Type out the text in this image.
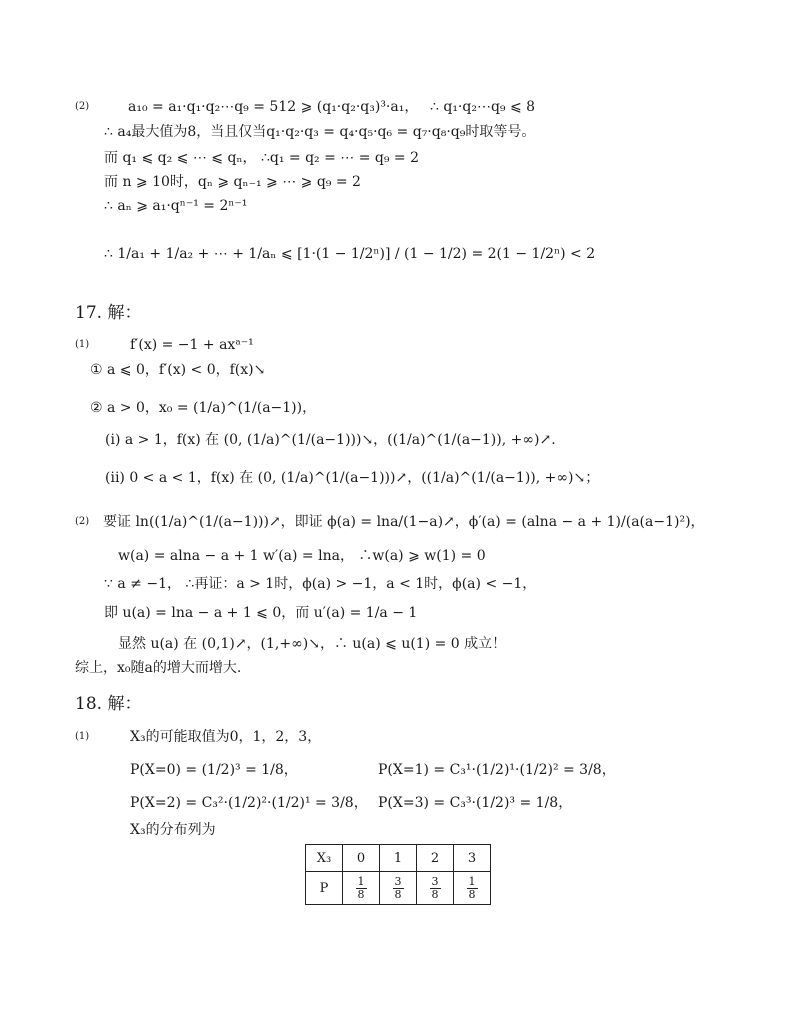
(2)	a₁₀ = a₁·q₁·q₂⋯q₉ = 512 ⩾ (q₁·q₂·q₃)³·a₁， ∴ q₁·q₂⋯q₉ ⩽ 8
∴ a₄最大值为8，当且仅当q₁·q₂·q₃ = q₄·q₅·q₆ = q₇·q₈·q₉时取等号。
而 q₁ ⩽ q₂ ⩽ ⋯ ⩽ qₙ， ∴q₁ = q₂ = ⋯ = q₉ = 2
而 n ⩾ 10时，qₙ ⩾ qₙ₋₁ ⩾ ⋯ ⩾ q₉ = 2
∴ aₙ ⩾ a₁·qⁿ⁻¹ = 2ⁿ⁻¹
∴ 1/a₁ + 1/a₂ + ⋯ + 1/aₙ ⩽ [1·(1 − 1/2ⁿ)] / (1 − 1/2) = 2(1 − 1/2ⁿ) < 2
17. 解：
(1)	f′(x) = −1 + axᵃ⁻¹
① a ⩽ 0，f′(x) < 0，f(x)↘
② a > 0，x₀ = (1/a)^(1/(a−1))，
(i) a > 1，f(x) 在 (0, (1/a)^(1/(a−1)))↘，((1/a)^(1/(a−1)), +∞)↗.
(ii) 0 < a < 1，f(x) 在 (0, (1/a)^(1/(a−1)))↗，((1/a)^(1/(a−1)), +∞)↘；
(2) 要证 ln((1/a)^(1/(a−1)))↗，即证 ϕ(a) = lna/(1−a)↗，ϕ′(a) = (alna − a + 1)/(a(a−1)²)，
w(a) = alna − a + 1 w′(a) = lna， ∴w(a) ⩾ w(1) = 0
∵ a ≠ −1， ∴再证：a > 1时，ϕ(a) > −1，a < 1时，ϕ(a) < −1，
即 u(a) = lna − a + 1 ⩽ 0，而 u′(a) = 1/a − 1
显然 u(a) 在 (0,1)↗，(1,+∞)↘，∴ u(a) ⩽ u(1) = 0 成立！
综上，x₀随a的增大而增大.
18. 解：
(1)	X₃的可能取值为0，1，2，3，
P(X=0) = (1/2)³ = 1/8，	P(X=1) = C₃¹·(1/2)¹·(1/2)² = 3/8，
P(X=2) = C₃²·(1/2)²·(1/2)¹ = 3/8， P(X=3) = C₃³·(1/2)³ = 1/8，
X₃的分布列为
X₃	0	1	2	3
P	$\frac{1}{8}$	$\frac{3}{8}$	$\frac{3}{8}$	$\frac{1}{8}$
